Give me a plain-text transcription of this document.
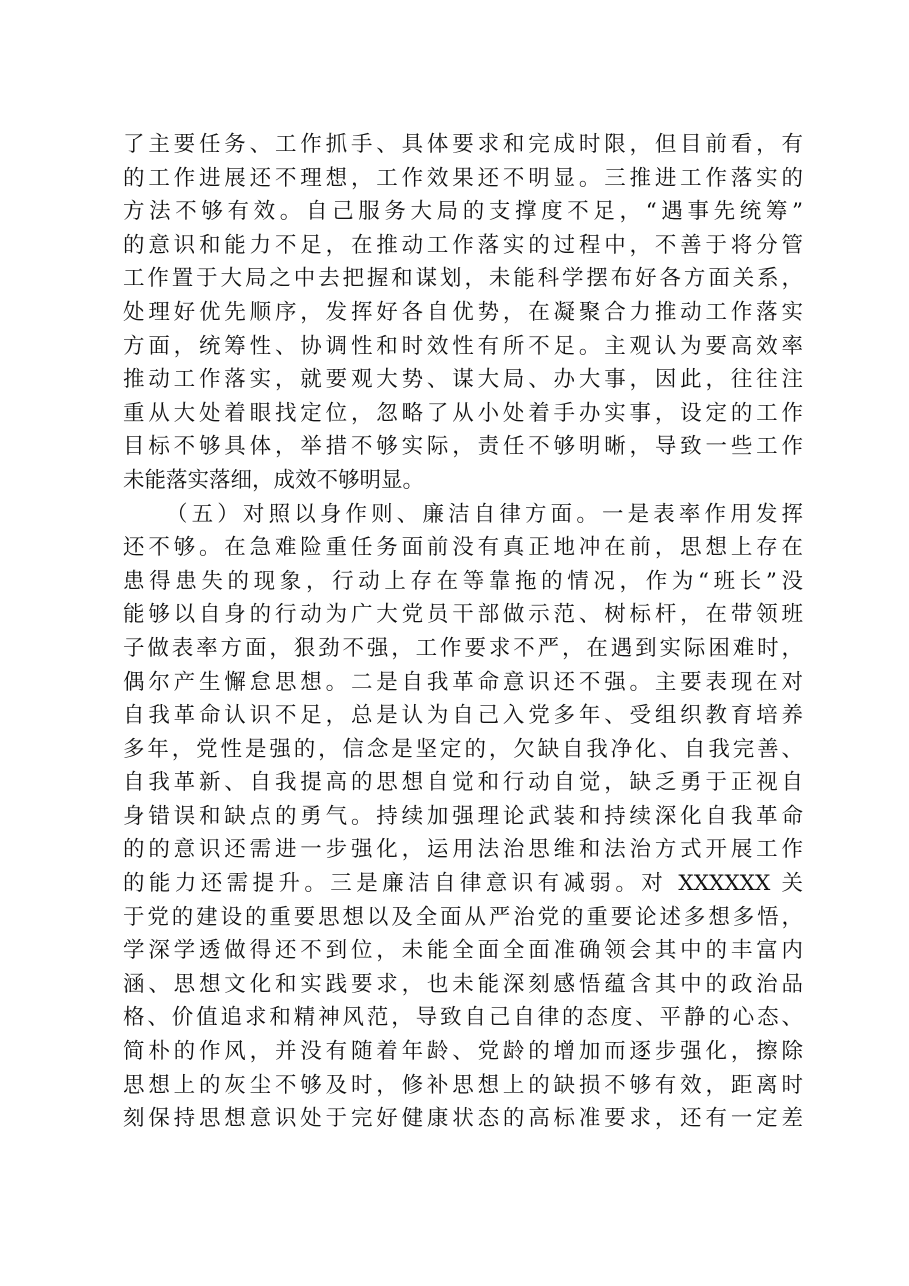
了主要任务、工作抓手、具体要求和完成时限，但目前看，有
的工作进展还不理想，工作效果还不明显。三推进工作落实的
方法不够有效。自己服务大局的支撑度不足，“遇事先统筹”
的意识和能力不足，在推动工作落实的过程中，不善于将分管
工作置于大局之中去把握和谋划，未能科学摆布好各方面关系，
处理好优先顺序，发挥好各自优势，在凝聚合力推动工作落实
方面，统筹性、协调性和时效性有所不足。主观认为要高效率
推动工作落实，就要观大势、谋大局、办大事，因此，往往注
重从大处着眼找定位，忽略了从小处着手办实事，设定的工作
目标不够具体，举措不够实际，责任不够明晰，导致一些工作
未能落实落细，成效不够明显。
（五）对照以身作则、廉洁自律方面。一是表率作用发挥
还不够。在急难险重任务面前没有真正地冲在前，思想上存在
患得患失的现象，行动上存在等靠拖的情况，作为“班长”没
能够以自身的行动为广大党员干部做示范、树标杆，在带领班
子做表率方面，狠劲不强，工作要求不严，在遇到实际困难时，
偶尔产生懈怠思想。二是自我革命意识还不强。主要表现在对
自我革命认识不足，总是认为自己入党多年、受组织教育培养
多年，党性是强的，信念是坚定的，欠缺自我净化、自我完善、
自我革新、自我提高的思想自觉和行动自觉，缺乏勇于正视自
身错误和缺点的勇气。持续加强理论武装和持续深化自我革命
的的意识还需进一步强化，运用法治思维和法治方式开展工作
的能力还需提升。三是廉洁自律意识有减弱。对 XXXXXX 关
于党的建设的重要思想以及全面从严治党的重要论述多想多悟，
学深学透做得还不到位，未能全面全面准确领会其中的丰富内
涵、思想文化和实践要求，也未能深刻感悟蕴含其中的政治品
格、价值追求和精神风范，导致自己自律的态度、平静的心态、
简朴的作风，并没有随着年龄、党龄的增加而逐步强化，擦除
思想上的灰尘不够及时，修补思想上的缺损不够有效，距离时
刻保持思想意识处于完好健康状态的高标准要求，还有一定差
